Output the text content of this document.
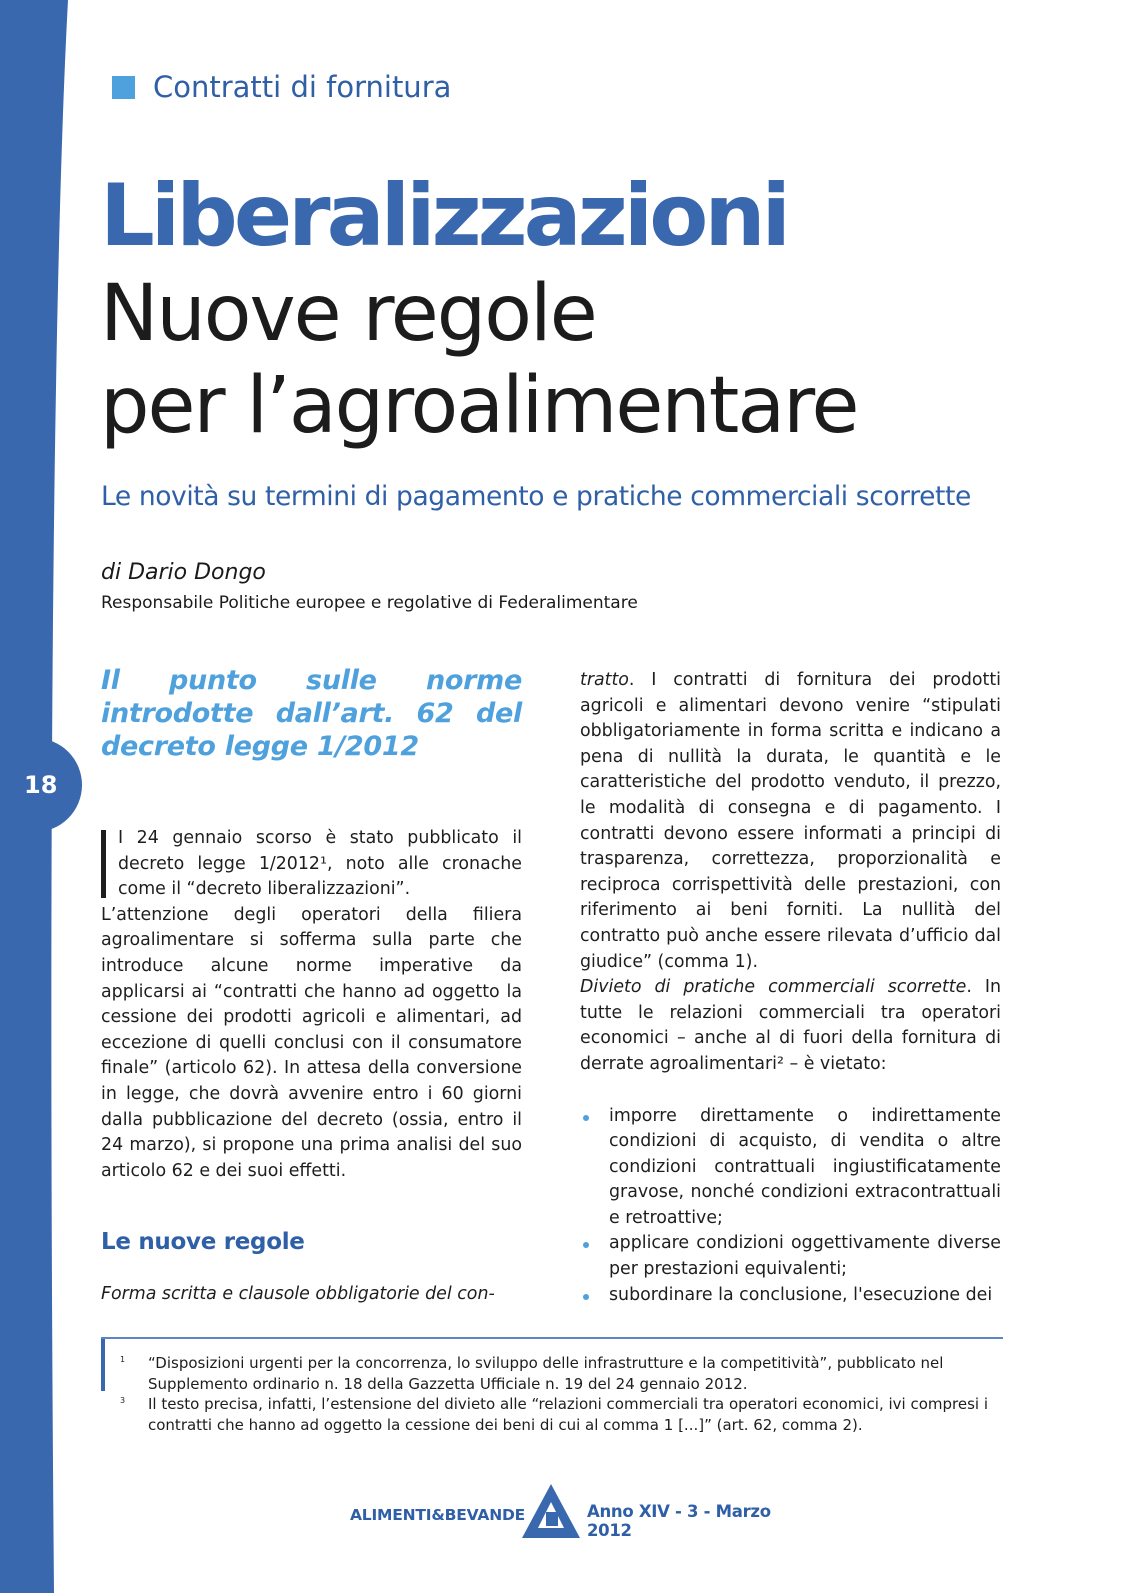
18
Contratti di fornitura
Liberalizzazioni
Nuove regole
per l’agroalimentare
Le novità su termini di pagamento e pratiche commerciali scorrette
di Dario Dongo
Responsabile Politiche europee e regolative di Federalimentare

Il punto sulle norme introdotte dall’art. 62 del decreto legge 1/2012

I 24 gennaio scorso è stato pubblicato il decreto legge 1/2012¹, noto alle cronache come il “decreto liberalizzazioni”.

L’attenzione degli operatori della filiera agroalimentare si sofferma sulla parte che introduce alcune norme imperative da applicarsi ai “contratti che hanno ad oggetto la cessione dei prodotti agricoli e alimentari, ad eccezione di quelli conclusi con il consumatore finale” (articolo 62). In attesa della conversione in legge, che dovrà avvenire entro i 60 giorni dalla pubblicazione del decreto (ossia, entro il 24 marzo), si propone una prima analisi del suo articolo 62 e dei suoi effetti.

Le nuove regole

Forma scritta e clausole obbligatorie del con-

tratto. I contratti di fornitura dei prodotti agricoli e alimentari devono venire “stipulati obbligatoriamente in forma scritta e indicano a pena di nullità la durata, le quantità e le caratteristiche del prodotto venduto, il prezzo, le modalità di consegna e di pagamento. I contratti devono essere informati a principi di trasparenza, correttezza, proporzionalità e reciproca corrispettività delle prestazioni, con riferimento ai beni forniti. La nullità del contratto può anche essere rilevata d’ufficio dal giudice” (comma 1).

Divieto di pratiche commerciali scorrette. In tutte le relazioni commerciali tra operatori economici – anche al di fuori della fornitura di derrate agroalimentari² – è vietato:

imporre direttamente o indirettamente condizioni di acquisto, di vendita o altre condizioni contrattuali ingiustificatamente gravose, nonché condizioni extracontrattuali e retroattive;
applicare condizioni oggettivamente diverse per prestazioni equivalenti;
subordinare la conclusione, l'esecuzione dei
1	“Disposizioni urgenti per la concorrenza, lo sviluppo delle infrastrutture e la competitività”, pubblicato nel Supplemento ordinario n. 18 della Gazzetta Ufficiale n. 19 del 24 gennaio 2012.
3	Il testo precisa, infatti, l’estensione del divieto alle “relazioni commerciali tra operatori economici, ivi compresi i contratti che hanno ad oggetto la cessione dei beni di cui al comma 1 [...]” (art. 62, comma 2).
ALIMENTI&BEVANDE	Anno XIV - 3 - Marzo 2012
